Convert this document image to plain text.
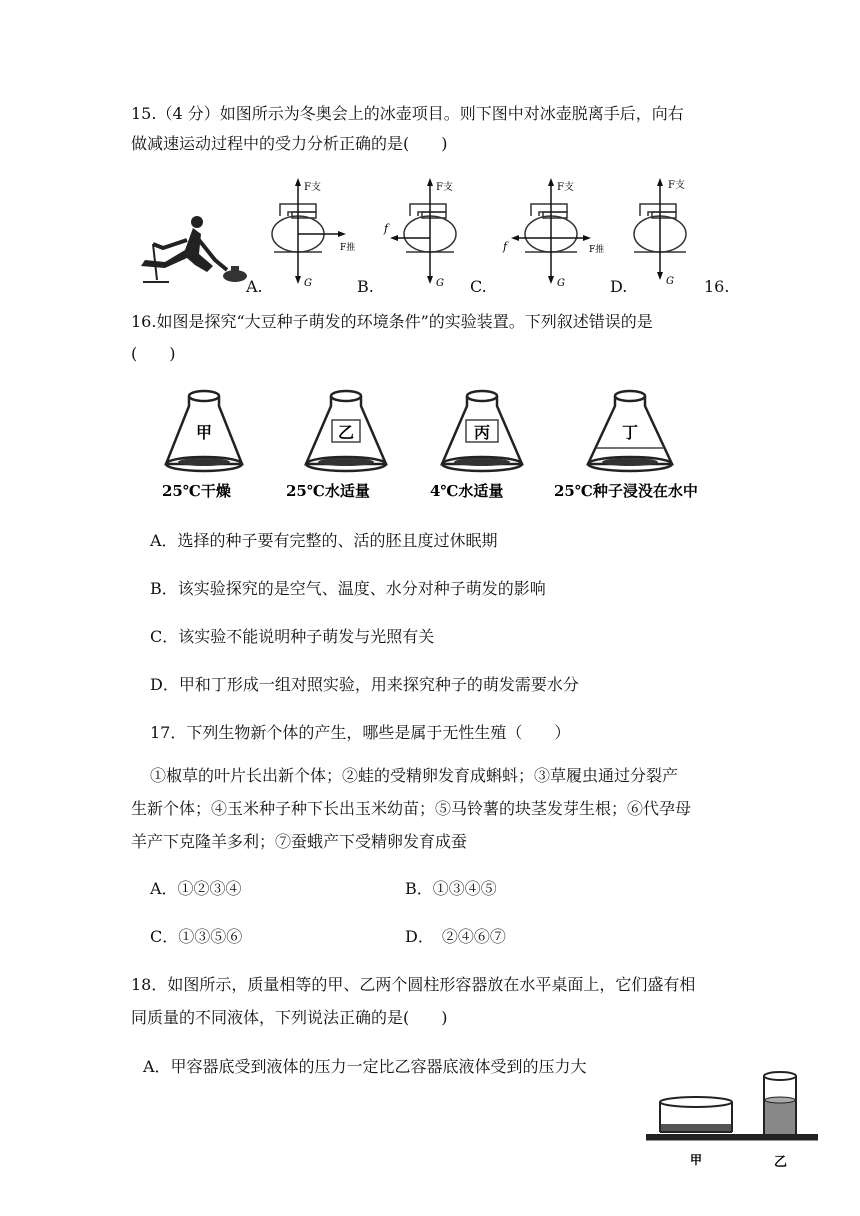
15.（4 分）如图所示为冬奥会上的冰壶项目。则下图中对冰壶脱离手后，向右
做减速运动过程中的受力分析正确的是(　　)
A.
F支
F推
G	B.
F支
f
G C.
F支
f	F推
G	D.
F支
G 16.
16.如图是探究“大豆种子萌发的环境条件”的实验装置。下列叙述错误的是
(　　)
甲
25℃干燥
乙
25℃水适量
丙
4℃水适量
丁
25℃种子浸没在水中
A．选择的种子要有完整的、活的胚且度过休眠期
B．该实验探究的是空气、温度、水分对种子萌发的影响
C．该实验不能说明种子萌发与光照有关
D．甲和丁形成一组对照实验，用来探究种子的萌发需要水分
17．下列生物新个体的产生，哪些是属于无性生殖（　　）
①椒草的叶片长出新个体；②蛙的受精卵发育成蝌蚪；③草履虫通过分裂产
生新个体；④玉米种子种下长出玉米幼苗；⑤马铃薯的块茎发芽生根；⑥代孕母
羊产下克隆羊多利；⑦蚕蛾产下受精卵发育成蚕
A．①②③④	B．①③④⑤
C．①③⑤⑥	D．　②④⑥⑦
18．如图所示，质量相等的甲、乙两个圆柱形容器放在水平桌面上，它们盛有相
同质量的不同液体，下列说法正确的是(　　)
A．甲容器底受到液体的压力一定比乙容器底液体受到的压力大
甲	乙
